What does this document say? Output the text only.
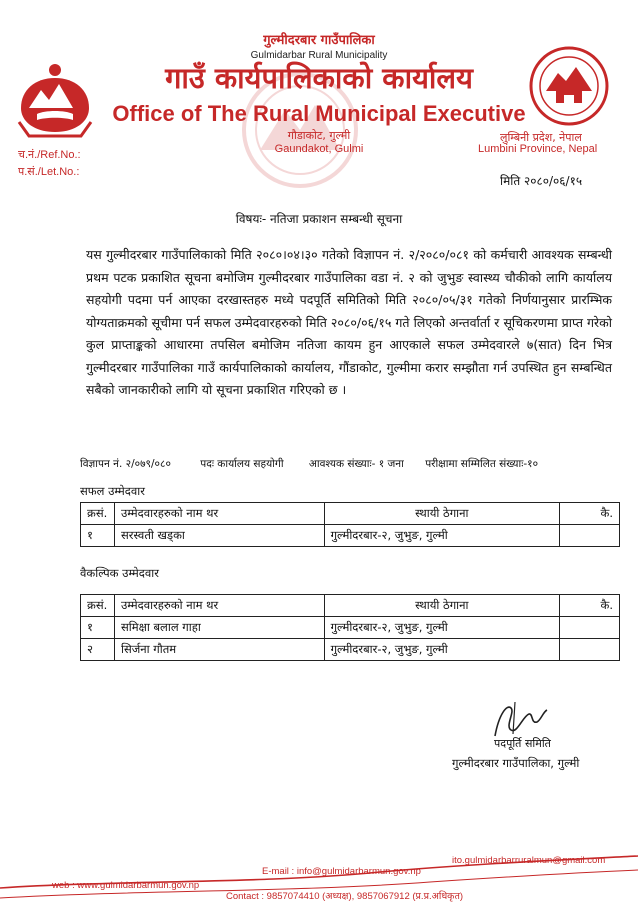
गुल्मीदरबार गाउँपालिका
Gulmidarbar Rural Municipality
गाउँ कार्यपालिकाको कार्यालय
Office of The Rural Municipal Executive
गौडाकोट, गुल्मी
Gaundakot, Gulmi
लुम्बिनी प्रदेश, नेपाल
Lumbini Province, Nepal
च.नं./Ref.No.:
प.सं./Let.No.:
मिति २०८०/०६/१५
विषयः- नतिजा प्रकाशन सम्बन्धी सूचना
यस गुल्मीदरबार गाउँपालिकाको मिति २०८०।०४।३० गतेको विज्ञापन नं. २/२०८०/०८१ को कर्मचारी आवश्यक सम्बन्धी प्रथम पटक प्रकाशित सूचना बमोजिम गुल्मीदरबार गाउँपालिका वडा नं. २ को जुभुङ स्वास्थ्य चौकीको लागि कार्यालय सहयोगी पदमा पर्न आएका दरखास्तहरु मध्ये पदपूर्ति समितिको मिति २०८०/०५/३१ गतेको निर्णयानुसार प्रारम्भिक योग्यताक्रमको सूचीमा पर्न सफल उम्मेदवारहरुको मिति २०८०/०६/१५ गते लिएको अन्तर्वार्ता र सूचिकरणमा प्राप्त गरेको कुल प्राप्ताङ्कको आधारमा तपसिल बमोजिम नतिजा कायम हुन आएकाले सफल उम्मेदवारले ७(सात) दिन भित्र गुल्मीदरबार गाउँपालिका गाउँ कार्यपालिकाको कार्यालय, गौंडाकोट, गुल्मीमा करार सम्झौता गर्न उपस्थित हुन सम्बन्धित सबैको जानकारीको लागि यो सूचना प्रकाशित गरिएको छ ।
विज्ञापन नं. २/०७९/०८०	पदः कार्यालय सहयोगी आवश्यक संख्याः- १ जना परीक्षामा सम्मिलित संख्याः-१०
सफल उम्मेदवार
क्रसं.	उम्मेदवारहरुको नाम थर	स्थायी ठेगाना	कै.
१	सरस्वती खड्का	गुल्मीदरबार-२, जुभुङ, गुल्मी	
वैकल्पिक उम्मेदवार
क्रसं.	उम्मेदवारहरुको नाम थर	स्थायी ठेगाना	कै.
१	समिक्षा बलाल गाहा	गुल्मीदरबार-२, जुभुङ, गुल्मी	
२	सिर्जना गौतम	गुल्मीदरबार-२, जुभुङ, गुल्मी	
पदपूर्ति समिति
गुल्मीदरबार गाउँपालिका, गुल्मी
ito.gulmidarbarruralmun@gmail.com
E-mail : info@gulmidarbarmun.gov.np
web : www.gulmidarbarmun.gov.np
Contact : 9857074410 (अध्यक्ष), 9857067912 (प्र.प्र.अधिकृत)
